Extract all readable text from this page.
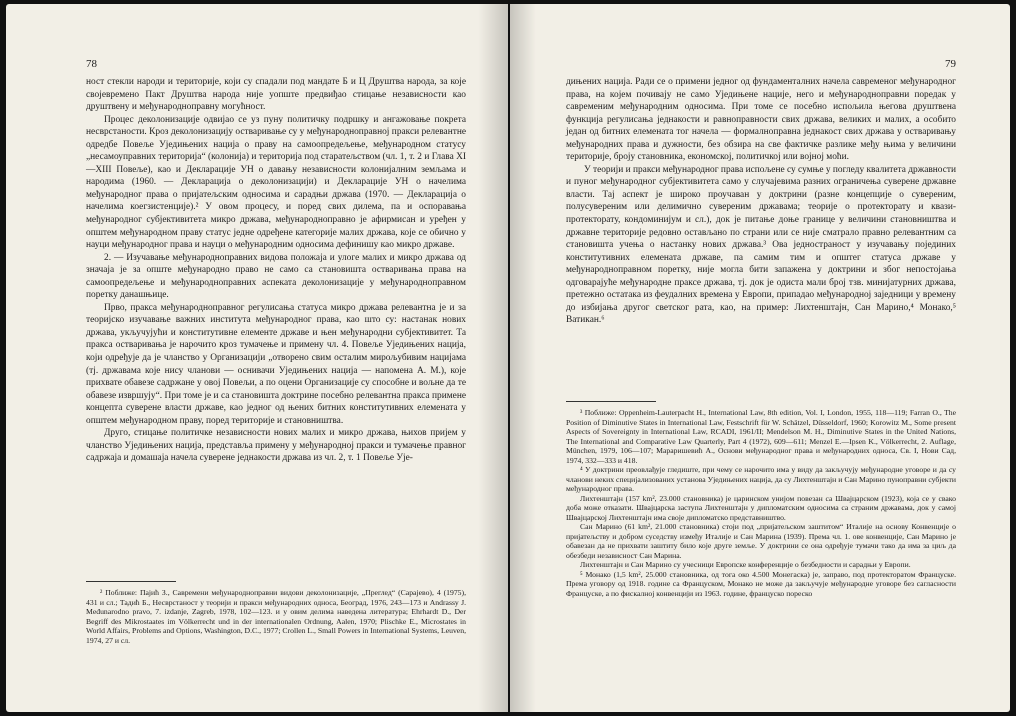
78

ност стекли народи и територије, који су спадали под мандате Б и Ц Друштва народа, за које својевремено Пакт Друштва народа није уопште предвиђао стицање независности као друштвену и међународноправну могућност.

Процес деколонизације одвијао се уз пуну политичку подршку и ангажовање покрета несврстаности. Кроз деколонизацију остваривање су у међународноправној пракси релевантне одредбе Повеље Уједињених нација о праву на самоопредељење, међународном статусу „несамоуправних територија“ (колонија) и територија под старатељством (чл. 1, т. 2 и Глава XI—XIII Повеље), као и Декларације УН о давању независности колонијалним земљама и народима (1960. — Декларација о деколонизацији) и Декларације УН о начелима међународног права о пријатељским односима и сарадњи држава (1970. — Декларација о начелима коегзистенције).² У овом процесу, и поред свих дилема, па и оспоравања међународног субјективитета микро држава, међународноправно је афирмисан и уређен у општем међународном праву статус једне одређене категорије малих држава, које се обично у науци међународног права и науци о међународним односима дефинишу као микро државе.

2. — Изучавање међународноправних видова положаја и улоге малих и микро држава од значаја је за опште међународно право не само са становишта остваривања права на самоопредељење и међународноправних аспеката деколонизације у међународноправном поретку данашњице.

Прво, пракса међународноправног регулисања статуса микро држава релевантна је и за теоријско изучавање важних института међународног права, као што су: настанак нових држава, укључујући и конститутивне елементе државе и њен међународни субјективитет. Та пракса остваривања је нарочито кроз тумачење и примену чл. 4. Повеље Уједињених нација, који одређује да је чланство у Организацији „отворено свим осталим мирољубивим нацијама (тј. државама које нису чланови — оснивачи Уједињених нација — напомена А. М.), које прихвате обавезе садржане у овој Повељи, а по оцени Организације су способне и вољне да те обавезе извршују“. При томе је и са становишта доктрине посебно релевантна пракса примене концепта суверене власти државе, као једног од њених битних конститутивних елемената у општем међународном праву, поред територије и становништва.

Друго, стицање политичке независности нових малих и микро држава, њихов пријем у чланство Уједињених нација, представља примену у међународној пракси и тумачење правног садржаја и домашаја начела суверене једнакости држава из чл. 2, т. 1 Повеље Ује-

² Поближе: Пајић З., Савремени међународноправни видови деколонизације, „Преглед“ (Сарајево), 4 (1975), 431 и сл.; Тадић Б., Несврстаност у теорији и пракси међународних односа, Београд, 1976, 243—173 и Andrassy J. Međunarodno pravo, 7. izdanje, Zagreb, 1978, 102—123. и у овим делима наведена литература; Ehrhardt D., Der Begriff des Mikrostaates im Völkerrecht und in der internationalen Ordnung, Aalen, 1970; Plischke E., Microstates in World Affairs, Problems and Options, Washington, D.C., 1977; Crollen L., Small Powers in International Systems, Leuven, 1974, 27 и сл.

79

дињених нација. Ради се о примени једног од фундаменталних начела савременог међународног права, на којем почивају не само Уједињене нације, него и међународноправни поредак у савременим међународним односима. При томе се посебно испољила његова друштвена функција регулисања једнакости и равноправности свих држава, великих и малих, а особито један од битних елемената тог начела — формалноправна једнакост свих држава у остваривању међународних права и дужности, без обзира на све фактичке разлике међу њима у величини територије, броју становника, економској, политичкој или војној моћи.

У теорији и пракси међународног права испољене су сумње у погледу квалитета државности и пуног међународног субјективитета само у случајевима разних ограничења суверене државне власти. Тај аспект је широко проучаван у доктрини (разне концепције о сувереним, полусувереним или делимично сувереним државама; теорије о протекторату и квази-протекторату, кондоминијум и сл.), док је питање доње границе у величини становништва и државне територије редовно остављано по страни или се није сматрало правно релевантним са становишта учења о настанку нових држава.³ Ова једностраност у изучавању појединих конститутивних елемената државе, па самим тим и општег статуса државе у међународноправном поретку, није могла бити запажена у доктрини и због непостојања одговарајуће међународне праксе држава, тј. док је одиста мали број тзв. минијатурних држава, претежно остатака из феудалних времена у Европи, припадао међународној заједници у времену до избијања другог светског рата, као, на пример: Лихтенштајн, Сан Марино,⁴ Монако,⁵ Ватикан.⁶

³ Поближе: Oppenheim-Lauterpacht H., International Law, 8th edition, Vol. I, London, 1955, 118—119; Farran O., The Position of Diminutive States in International Law, Festschrift für W. Schätzel, Düsseldorf, 1960; Korowitz M., Some present Aspects of Sovereignty in International Law, RCADI, 1961/II; Mendelson M. H., Diminutive States in the United Nations, The International and Comparative Law Quarterly, Part 4 (1972), 609—611; Menzel E.—Ipsen K., Völkerrecht, 2. Auflage, München, 1979, 106—107; Мараришевић А., Основи међународног права и међународних односа, Св. I, Нови Сад, 1974, 332—333 и 418.

⁴ У доктрини преовлађује гледиште, при чему се нарочито има у виду да закључују међународне уговоре и да су чланови неких специјализованих установа Уједињених нација, да су Лихтенштајн и Сан Марино пуноправни субјекти међународног права.

Лихтенштајн (157 km², 23.000 становника) је царинском унијом повезан са Швајцарском (1923), која се у свако доба може отказати. Швајцарска заступа Лихтенштајн у дипломатским односима са страним државама, док у самој Швајцарској Лихтенштајн има своје дипломатско представништво.

Сан Марино (61 km², 21.000 становника) стоји под „пријатељском заштитом“ Италије на основу Конвенције о пријатељству и добром суседству између Италије и Сан Марина (1939). Према чл. 1. ове конвенције, Сан Марино је обавезан да не прихвати заштиту било које друге земље. У доктрини се она одређује тумачи тако да има за циљ да обезбеди независност Сан Марина.

Лихтенштајн и Сан Марино су учесници Европске конференције о безбедности и сарадњи у Европи.

⁵ Монако (1,5 km², 25.000 становника, од тога око 4.500 Монегаска) је, заправо, под протекторатом Француске. Према уговору од 1918. године са Француском, Монако не може да закључује међународне уговоре без сагласности Француске, а по фискалној конвенцији из 1963. године, француско пореско
